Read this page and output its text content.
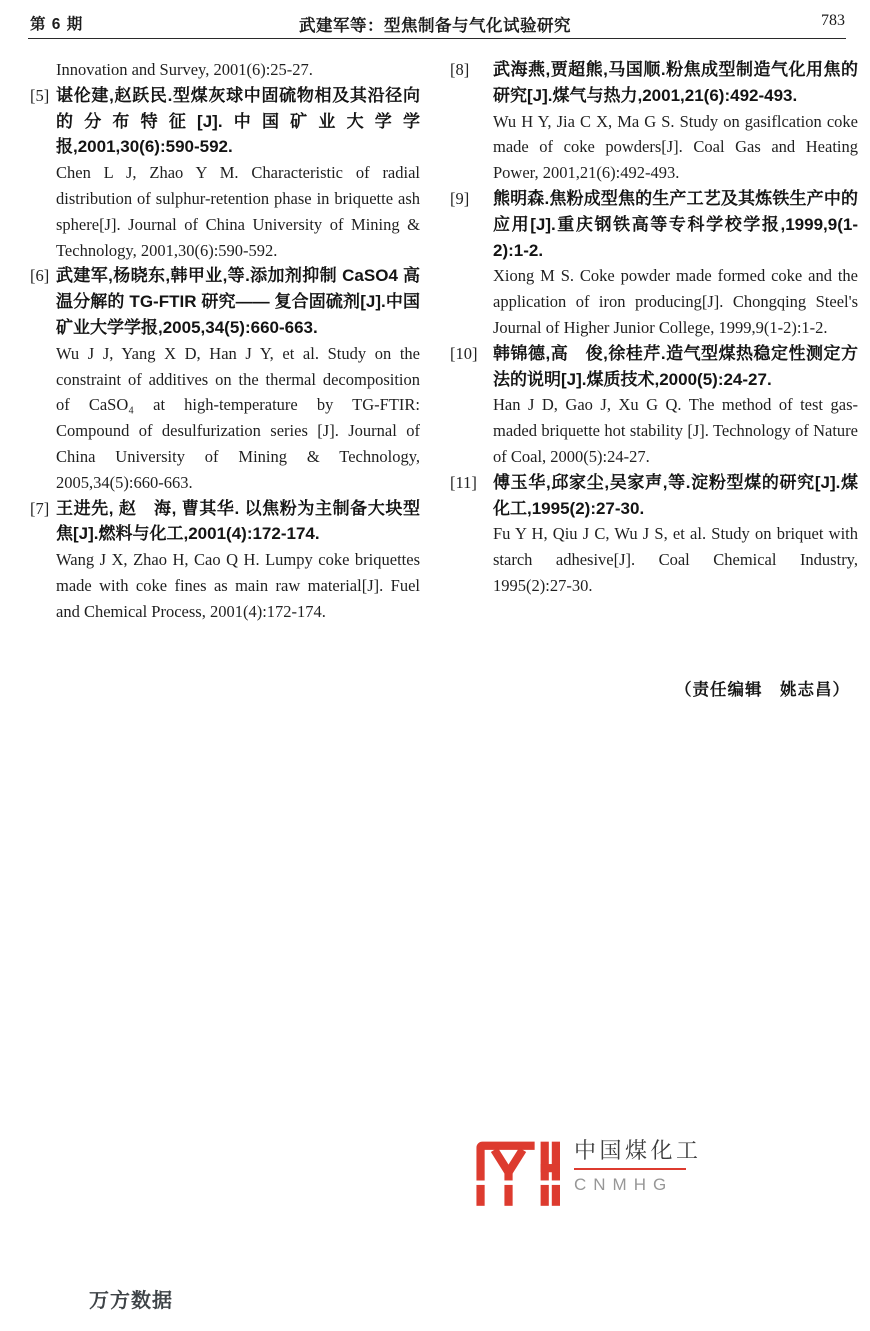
第 6 期	武建军等：型焦制备与气化试验研究	783
Innovation and Survey, 2001(6):25-27.
[5] 谌伦建,赵跃民.型煤灰球中固硫物相及其沿径向的分布特征[J].中国矿业大学学报,2001,30(6):590-592.
Chen L J, Zhao Y M. Characteristic of radial distribution of sulphur-retention phase in briquette ash sphere[J]. Journal of China University of Mining & Technology, 2001,30(6):590-592.
[6] 武建军,杨晓东,韩甲业,等.添加剂抑制 CaSO4 高温分解的 TG-FTIR 研究—— 复合固硫剂[J].中国矿业大学学报,2005,34(5):660-663.
Wu J J, Yang X D, Han J Y, et al. Study on the constraint of additives on the thermal decomposition of CaSO₄ at high-temperature by TG-FTIR: Compound of desulfurization series [J]. Journal of China University of Mining & Technology, 2005,34(5):660-663.
[7] 王进先, 赵　海, 曹其华. 以焦粉为主制备大块型焦[J].燃料与化工,2001(4):172-174.
Wang J X, Zhao H, Cao Q H. Lumpy coke briquettes made with coke fines as main raw material[J]. Fuel and Chemical Process, 2001(4):172-174.
[8] 武海燕,贾超熊,马国顺.粉焦成型制造气化用焦的研究[J].煤气与热力,2001,21(6):492-493.
Wu H Y, Jia C X, Ma G S. Study on gasiflcation coke made of coke powders[J]. Coal Gas and Heating Power, 2001,21(6):492-493.
[9] 熊明森.焦粉成型焦的生产工艺及其炼铁生产中的应用[J].重庆钢铁高等专科学校学报,1999,9(1-2):1-2.
Xiong M S. Coke powder made formed coke and the application of iron producing[J]. Chongqing Steel's Journal of Higher Junior College, 1999,9(1-2):1-2.
[10] 韩锦德,高　俊,徐桂芹.造气型煤热稳定性测定方法的说明[J].煤质技术,2000(5):24-27.
Han J D, Gao J, Xu G Q. The method of test gas-maded briquette hot stability [J]. Technology of Nature of Coal, 2000(5):24-27.
[11] 傅玉华,邱家尘,吴家声,等.淀粉型煤的研究[J].煤化工,1995(2):27-30.
Fu Y H, Qiu J C, Wu J S, et al. Study on briquet with starch adhesive[J]. Coal Chemical Industry, 1995(2):27-30.
（责任编辑　姚志昌）
中国煤化工
CNMHG
万方数据
